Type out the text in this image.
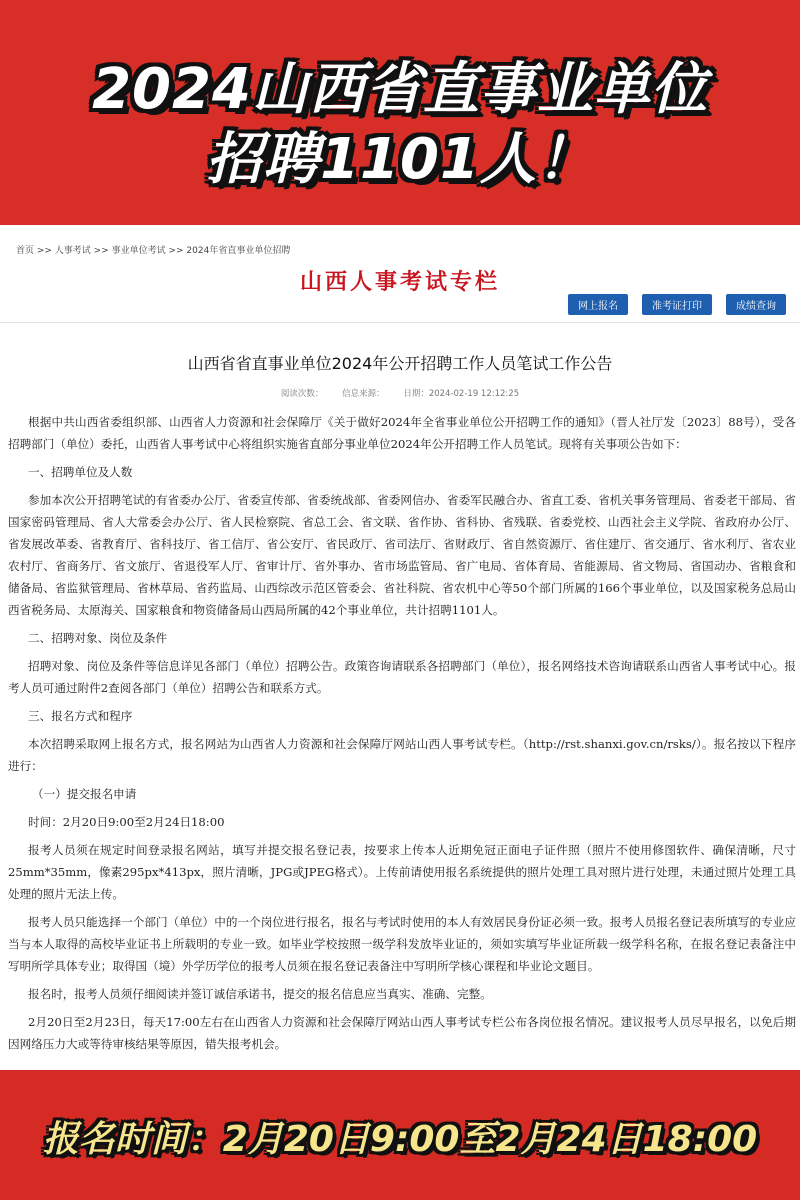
2024山西省直事业单位
招聘1101人！
首页 >> 人事考试 >> 事业单位考试 >> 2024年省直事业单位招聘
山西人事考试专栏
网上报名	准考证打印	成绩查询
山西省省直事业单位2024年公开招聘工作人员笔试工作公告
阅读次数： 信息来源： 日期：2024-02-19 12:12:25

根据中共山西省委组织部、山西省人力资源和社会保障厅《关于做好2024年全省事业单位公开招聘工作的通知》（晋人社厅发〔2023〕88号），受各招聘部门（单位）委托，山西省人事考试中心将组织实施省直部分事业单位2024年公开招聘工作人员笔试。现将有关事项公告如下：

一、招聘单位及人数

参加本次公开招聘笔试的有省委办公厅、省委宣传部、省委统战部、省委网信办、省委军民融合办、省直工委、省机关事务管理局、省委老干部局、省国家密码管理局、省人大常委会办公厅、省人民检察院、省总工会、省文联、省作协、省科协、省残联、省委党校、山西社会主义学院、省政府办公厅、省发展改革委、省教育厅、省科技厅、省工信厅、省公安厅、省民政厅、省司法厅、省财政厅、省自然资源厅、省住建厅、省交通厅、省水利厅、省农业农村厅、省商务厅、省文旅厅、省退役军人厅、省审计厅、省外事办、省市场监管局、省广电局、省体育局、省能源局、省文物局、省国动办、省粮食和储备局、省监狱管理局、省林草局、省药监局、山西综改示范区管委会、省社科院、省农机中心等50个部门所属的166个事业单位，以及国家税务总局山西省税务局、太原海关、国家粮食和物资储备局山西局所属的42个事业单位，共计招聘1101人。

二、招聘对象、岗位及条件

招聘对象、岗位及条件等信息详见各部门（单位）招聘公告。政策咨询请联系各招聘部门（单位），报名网络技术咨询请联系山西省人事考试中心。报考人员可通过附件2查阅各部门（单位）招聘公告和联系方式。

三、报名方式和程序

本次招聘采取网上报名方式，报名网站为山西省人力资源和社会保障厅网站山西人事考试专栏。（http://rst.shanxi.gov.cn/rsks/）。报名按以下程序进行：

（一）提交报名申请

时间：2月20日9:00至2月24日18:00

报考人员须在规定时间登录报名网站，填写并提交报名登记表，按要求上传本人近期免冠正面电子证件照（照片不使用修图软件、确保清晰，尺寸25mm*35mm，像素295px*413px，照片清晰，JPG或JPEG格式）。上传前请使用报名系统提供的照片处理工具对照片进行处理，未通过照片处理工具处理的照片无法上传。

报考人员只能选择一个部门（单位）中的一个岗位进行报名，报名与考试时使用的本人有效居民身份证必须一致。报考人员报名登记表所填写的专业应当与本人取得的高校毕业证书上所载明的专业一致。如毕业学校按照一级学科发放毕业证的，须如实填写毕业证所载一级学科名称，在报名登记表备注中写明所学具体专业；取得国（境）外学历学位的报考人员须在报名登记表备注中写明所学核心课程和毕业论文题目。

报名时，报考人员须仔细阅读并签订诚信承诺书，提交的报名信息应当真实、准确、完整。

2月20日至2月23日，每天17:00左右在山西省人力资源和社会保障厅网站山西人事考试专栏公布各岗位报名情况。建议报考人员尽早报名，以免后期因网络压力大或等待审核结果等原因，错失报考机会。

报名时间：2月20日9:00至2月24日18:00
